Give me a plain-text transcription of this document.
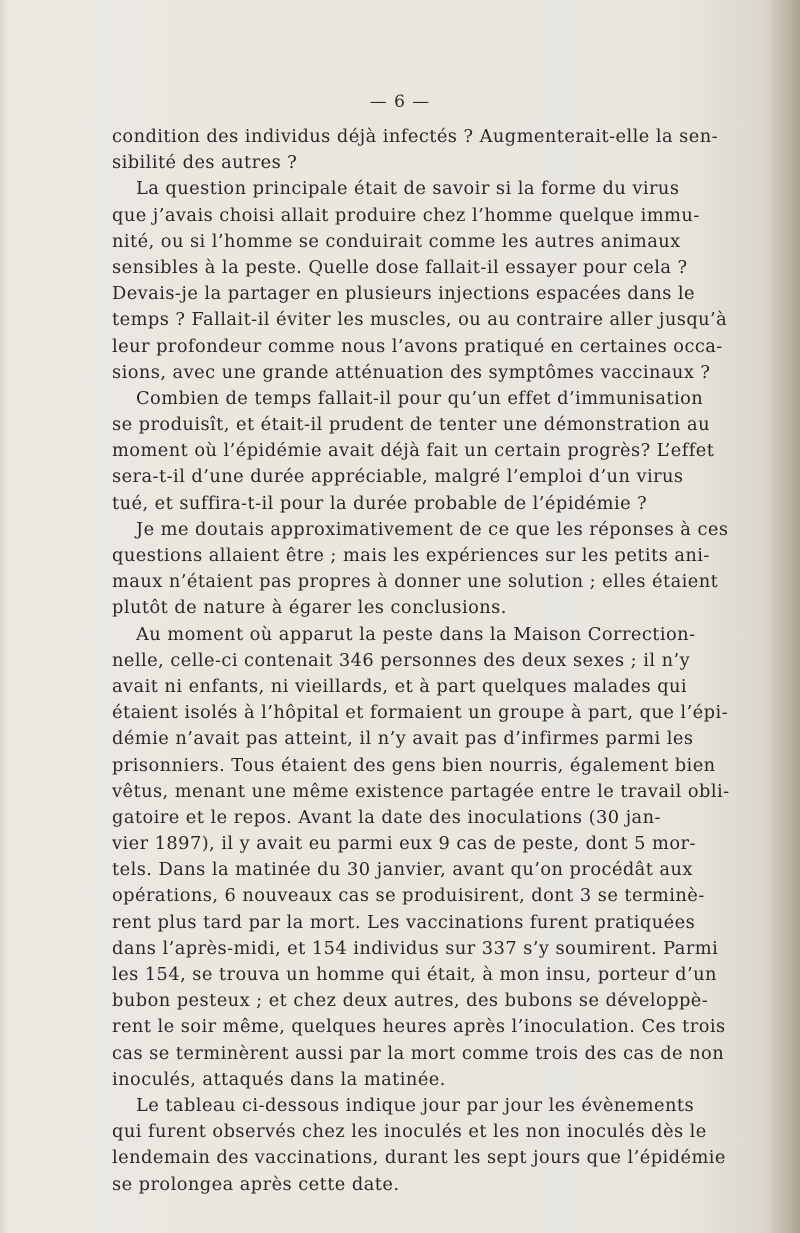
— 6 —
condition des individus déjà infectés ? Augmenterait-elle la sen-
sibilité des autres ?
La question principale était de savoir si la forme du virus
que j’avais choisi allait produire chez l’homme quelque immu-
nité, ou si l’homme se conduirait comme les autres animaux
sensibles à la peste. Quelle dose fallait-il essayer pour cela ?
Devais-je la partager en plusieurs injections espacées dans le
temps ? Fallait-il éviter les muscles, ou au contraire aller jusqu’à
leur profondeur comme nous l’avons pratiqué en certaines occa-
sions, avec une grande atténuation des symptômes vaccinaux ?
Combien de temps fallait-il pour qu’un effet d’immunisation
se produisît, et était-il prudent de tenter une démonstration au
moment où l’épidémie avait déjà fait un certain progrès? L’effet
sera-t-il d’une durée appréciable, malgré l’emploi d’un virus
tué, et suffira-t-il pour la durée probable de l’épidémie ?
Je me doutais approximativement de ce que les réponses à ces
questions allaient être ; mais les expériences sur les petits ani-
maux n’étaient pas propres à donner une solution ; elles étaient
plutôt de nature à égarer les conclusions.
Au moment où apparut la peste dans la Maison Correction-
nelle, celle-ci contenait 346 personnes des deux sexes ; il n’y
avait ni enfants, ni vieillards, et à part quelques malades qui
étaient isolés à l’hôpital et formaient un groupe à part, que l’épi-
démie n’avait pas atteint, il n’y avait pas d’infirmes parmi les
prisonniers. Tous étaient des gens bien nourris, également bien
vêtus, menant une même existence partagée entre le travail obli-
gatoire et le repos. Avant la date des inoculations (30 jan-
vier 1897), il y avait eu parmi eux 9 cas de peste, dont 5 mor-
tels. Dans la matinée du 30 janvier, avant qu’on procédât aux
opérations, 6 nouveaux cas se produisirent, dont 3 se terminè-
rent plus tard par la mort. Les vaccinations furent pratiquées
dans l’après-midi, et 154 individus sur 337 s’y soumirent. Parmi
les 154, se trouva un homme qui était, à mon insu, porteur d’un
bubon pesteux ; et chez deux autres, des bubons se développè-
rent le soir même, quelques heures après l’inoculation. Ces trois
cas se terminèrent aussi par la mort comme trois des cas de non
inoculés, attaqués dans la matinée.
Le tableau ci-dessous indique jour par jour les évènements
qui furent observés chez les inoculés et les non inoculés dès le
lendemain des vaccinations, durant les sept jours que l’épidémie
se prolongea après cette date.
